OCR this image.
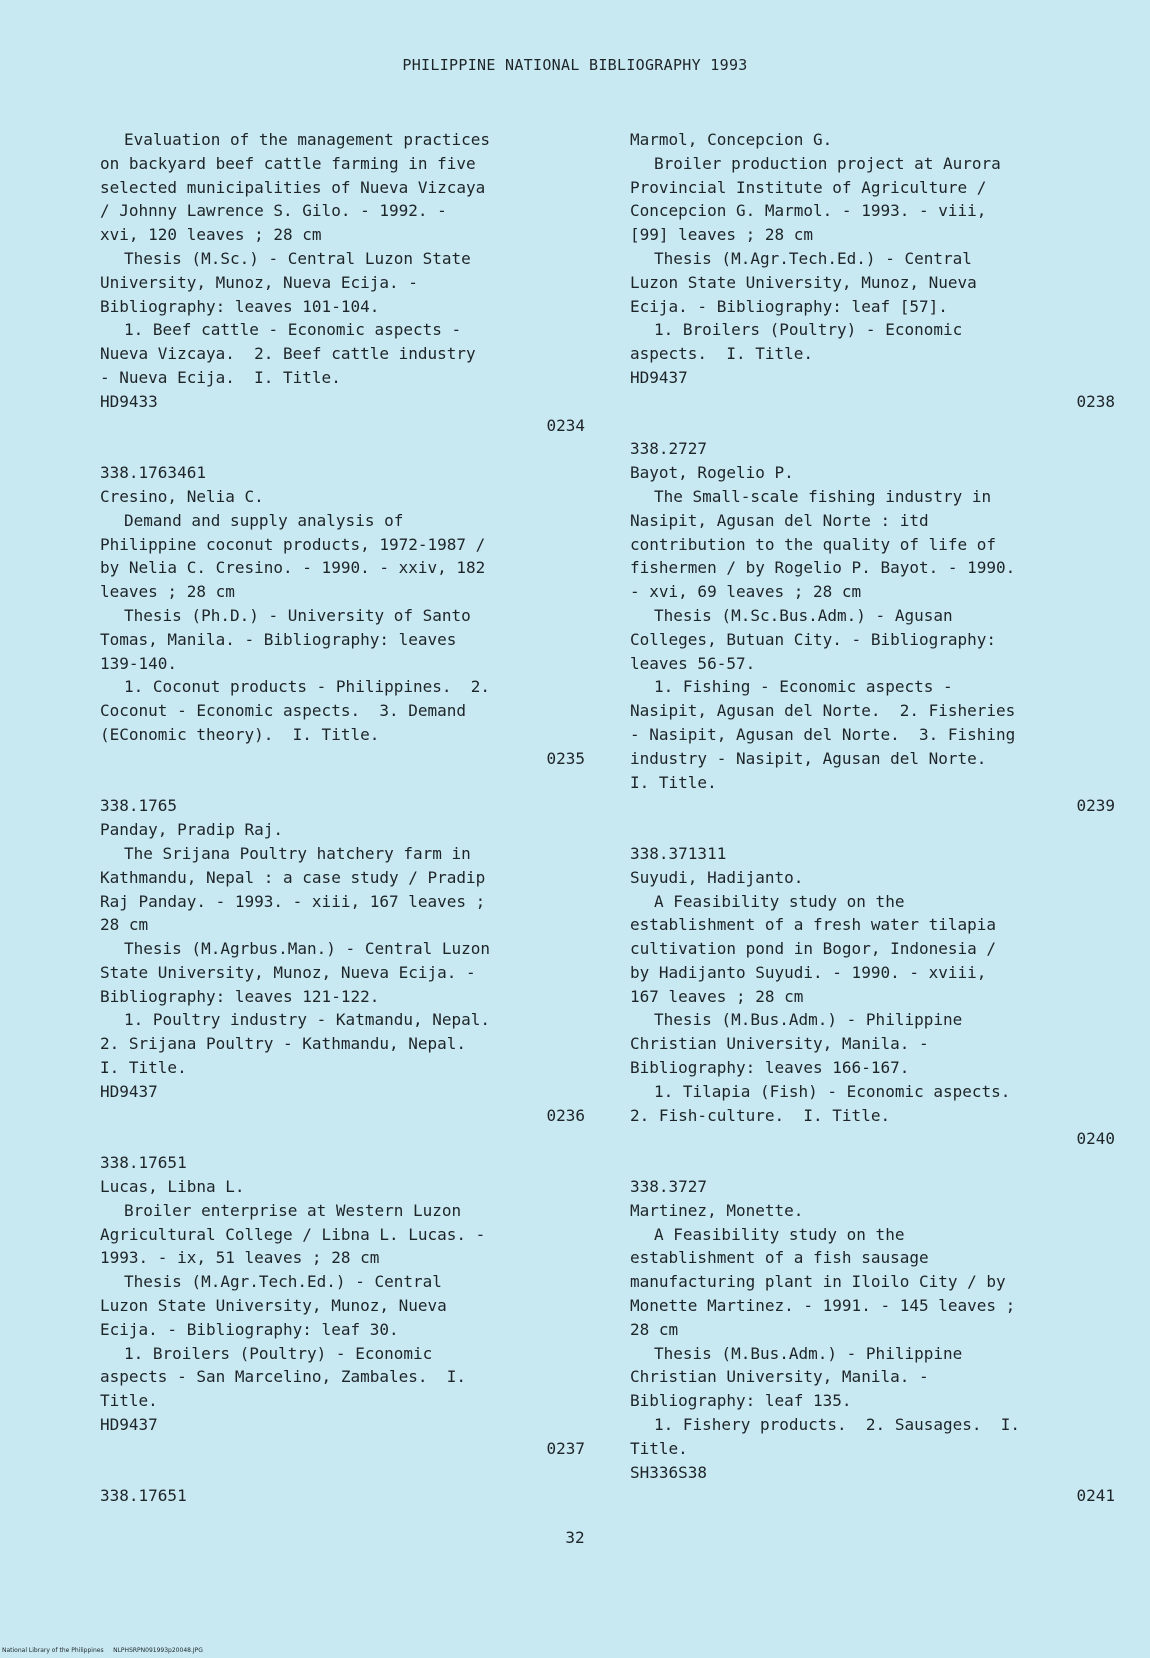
PHILIPPINE NATIONAL BIBLIOGRAPHY 1993
Evaluation of the management practices
on backyard beef cattle farming in five
selected municipalities of Nueva Vizcaya
/ Johnny Lawrence S. Gilo. - 1992. -
xvi, 120 leaves ; 28 cm
Thesis (M.Sc.) - Central Luzon State
University, Munoz, Nueva Ecija. -
Bibliography: leaves 101-104.
1. Beef cattle - Economic aspects -
Nueva Vizcaya.  2. Beef cattle industry
- Nueva Ecija.  I. Title.
HD9433
0234
338.1763461
Cresino, Nelia C.
Demand and supply analysis of
Philippine coconut products, 1972-1987 /
by Nelia C. Cresino. - 1990. - xxiv, 182
leaves ; 28 cm
Thesis (Ph.D.) - University of Santo
Tomas, Manila. - Bibliography: leaves
139-140.
1. Coconut products - Philippines.  2.
Coconut - Economic aspects.  3. Demand
(EConomic theory).  I. Title.
0235
338.1765
Panday, Pradip Raj.
The Srijana Poultry hatchery farm in
Kathmandu, Nepal : a case study / Pradip
Raj Panday. - 1993. - xiii, 167 leaves ;
28 cm
Thesis (M.Agrbus.Man.) - Central Luzon
State University, Munoz, Nueva Ecija. -
Bibliography: leaves 121-122.
1. Poultry industry - Katmandu, Nepal.
2. Srijana Poultry - Kathmandu, Nepal.
I. Title.
HD9437
0236
338.17651
Lucas, Libna L.
Broiler enterprise at Western Luzon
Agricultural College / Libna L. Lucas. -
1993. - ix, 51 leaves ; 28 cm
Thesis (M.Agr.Tech.Ed.) - Central
Luzon State University, Munoz, Nueva
Ecija. - Bibliography: leaf 30.
1. Broilers (Poultry) - Economic
aspects - San Marcelino, Zambales.  I.
Title.
HD9437
0237
338.17651
Marmol, Concepcion G.
Broiler production project at Aurora
Provincial Institute of Agriculture /
Concepcion G. Marmol. - 1993. - viii,
[99] leaves ; 28 cm
Thesis (M.Agr.Tech.Ed.) - Central
Luzon State University, Munoz, Nueva
Ecija. - Bibliography: leaf [57].
1. Broilers (Poultry) - Economic
aspects.  I. Title.
HD9437
0238
338.2727
Bayot, Rogelio P.
The Small-scale fishing industry in
Nasipit, Agusan del Norte : itd
contribution to the quality of life of
fishermen / by Rogelio P. Bayot. - 1990.
- xvi, 69 leaves ; 28 cm
Thesis (M.Sc.Bus.Adm.) - Agusan
Colleges, Butuan City. - Bibliography:
leaves 56-57.
1. Fishing - Economic aspects -
Nasipit, Agusan del Norte.  2. Fisheries
- Nasipit, Agusan del Norte.  3. Fishing
industry - Nasipit, Agusan del Norte.
I. Title.
0239
338.371311
Suyudi, Hadijanto.
A Feasibility study on the
establishment of a fresh water tilapia
cultivation pond in Bogor, Indonesia /
by Hadijanto Suyudi. - 1990. - xviii,
167 leaves ; 28 cm
Thesis (M.Bus.Adm.) - Philippine
Christian University, Manila. -
Bibliography: leaves 166-167.
1. Tilapia (Fish) - Economic aspects.
2. Fish-culture.  I. Title.
0240
338.3727
Martinez, Monette.
A Feasibility study on the
establishment of a fish sausage
manufacturing plant in Iloilo City / by
Monette Martinez. - 1991. - 145 leaves ;
28 cm
Thesis (M.Bus.Adm.) - Philippine
Christian University, Manila. -
Bibliography: leaf 135.
1. Fishery products.  2. Sausages.  I.
Title.
SH336S38
0241
32
National Library of the Philippines     NLPHSRPN091993p20048.JPG
